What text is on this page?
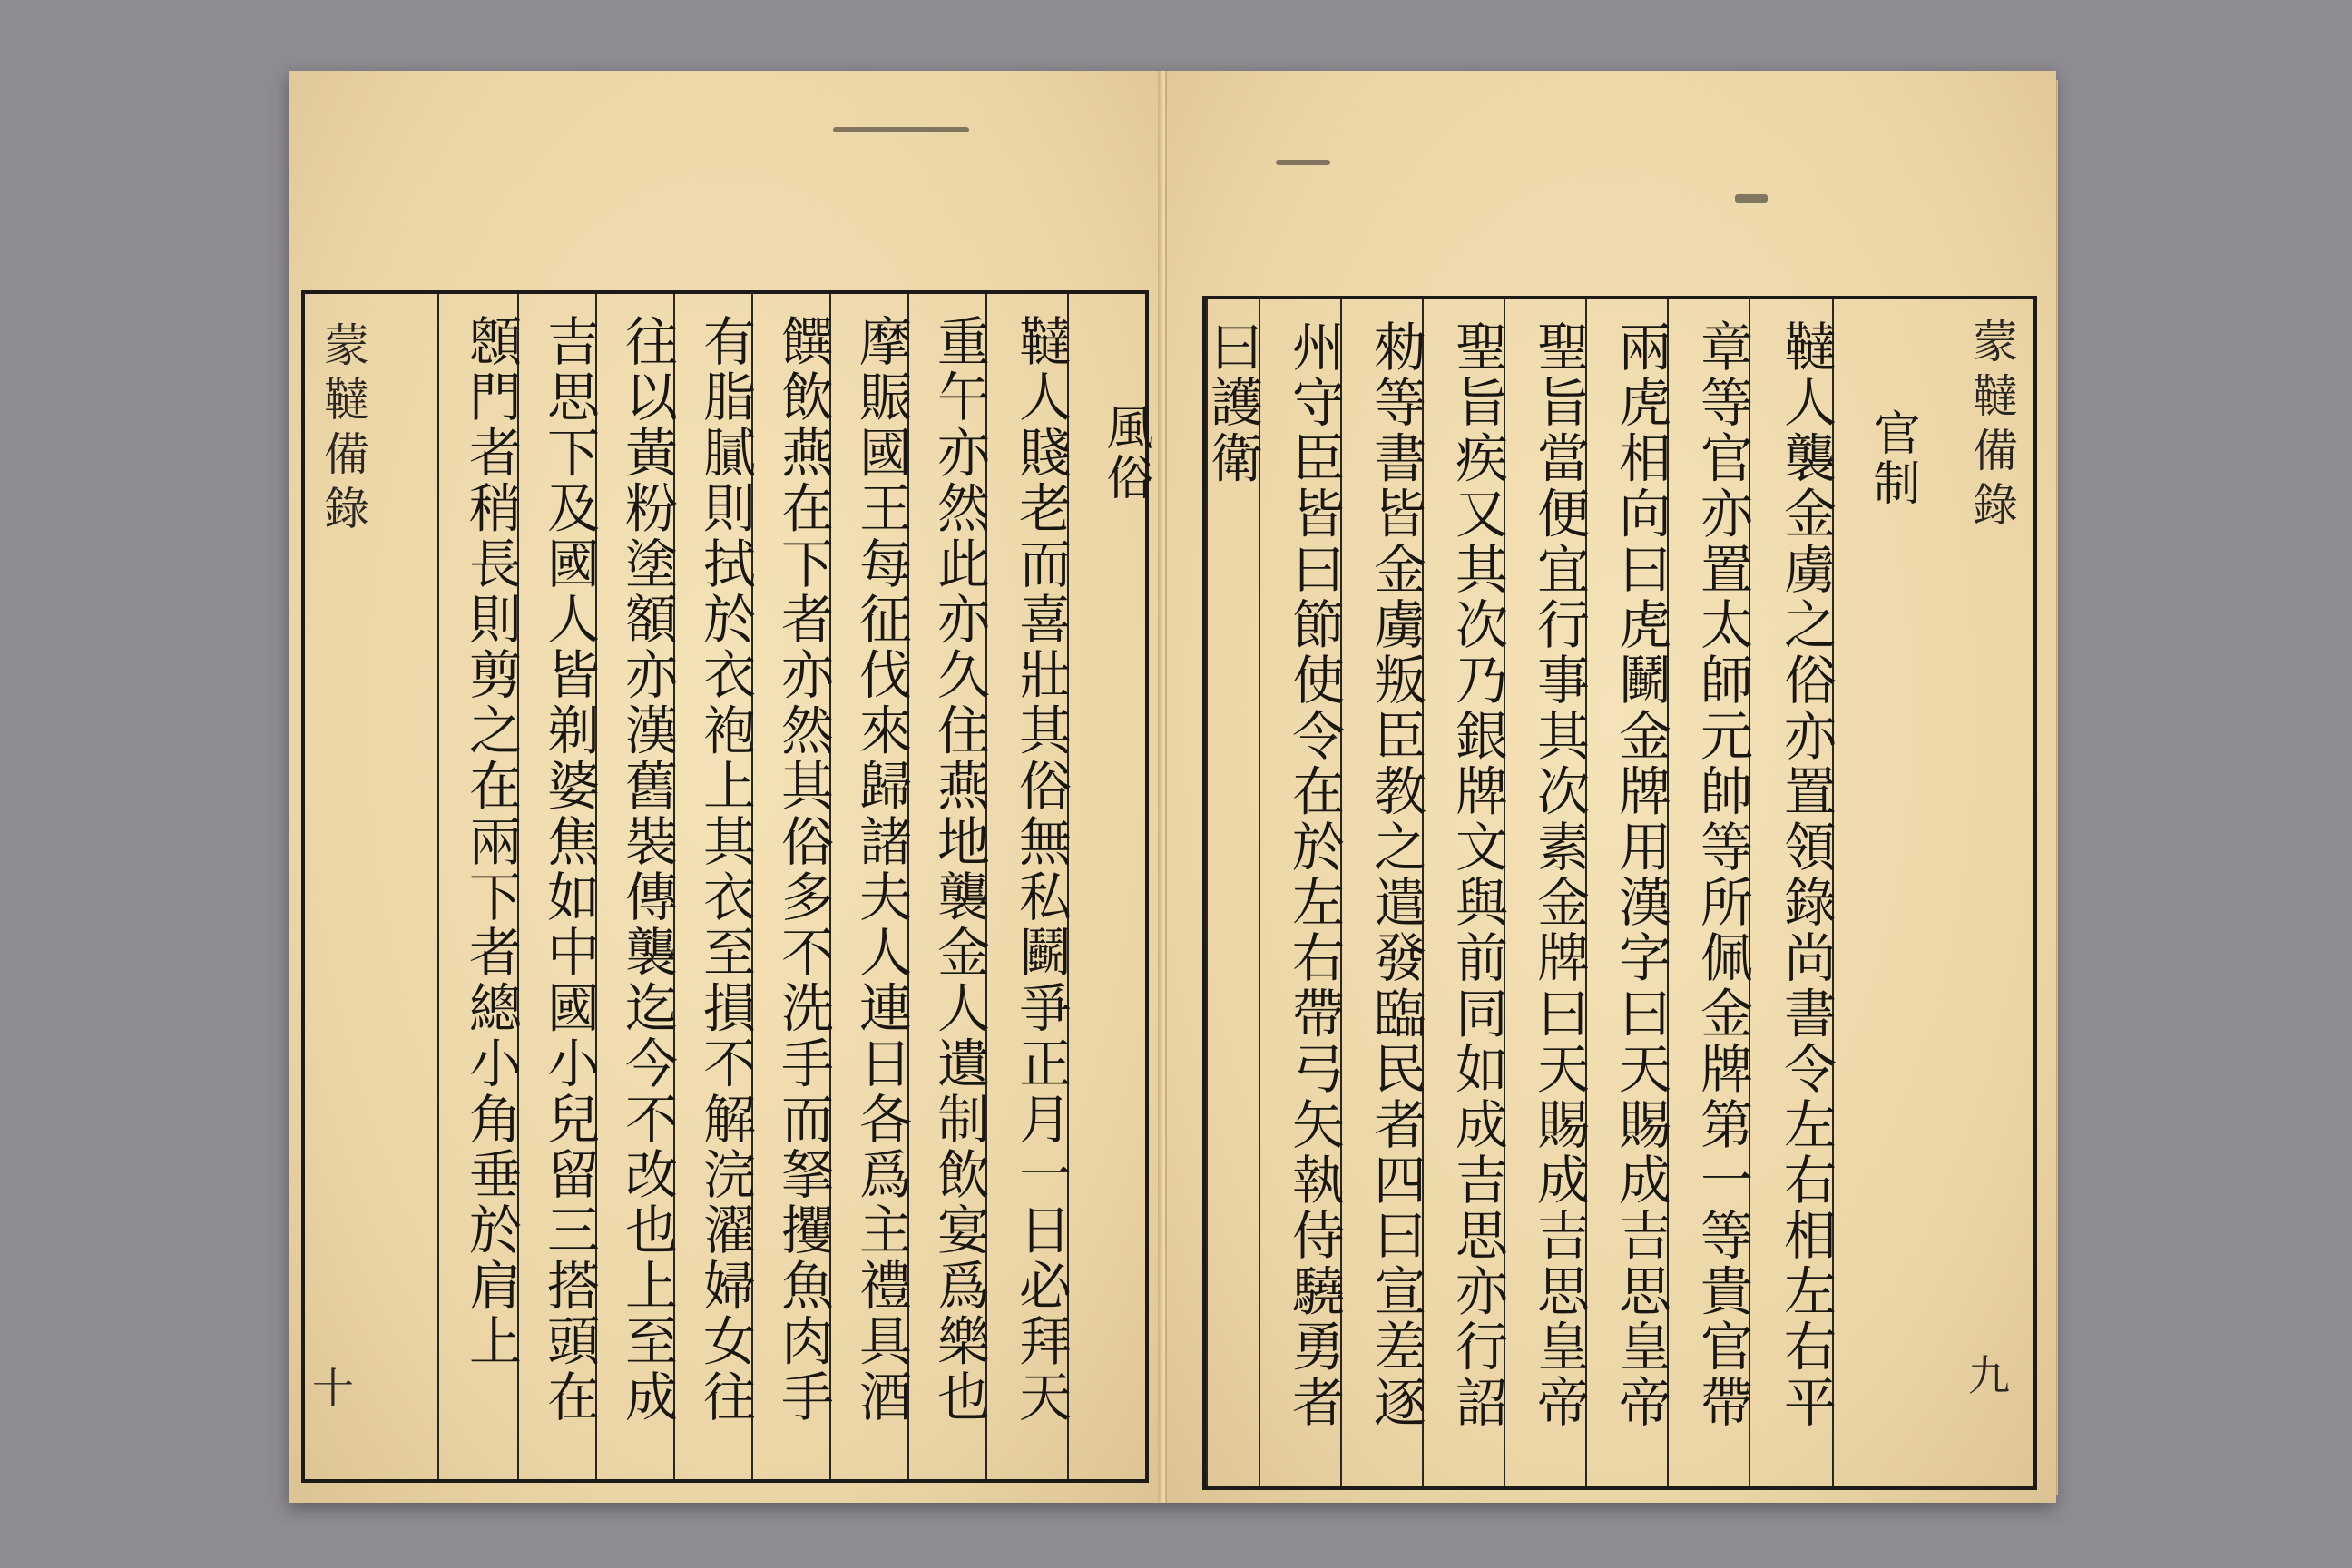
風俗
韃人賤老而喜壯其俗無私鬬爭正月一日必拜天
重午亦然此亦久住燕地襲金人遺制飲宴爲樂也
摩賑國王每征伐來歸諸夫人連日各爲主禮具酒
饌飲燕在下者亦然其俗多不洗手而拏攫魚肉手
有脂膩則拭於衣袍上其衣至損不解浣濯婦女往
往以黃粉塗額亦漢舊裝傳襲迄今不改也上至成
吉思下及國人皆剃婆焦如中國小兒留三搭頭在
顖門者稍長則剪之在兩下者總小角垂於肩上
蒙韃備錄
十
蒙韃備錄
九
官制
韃人襲金虜之俗亦置領錄尚書令左右相左右平
章等官亦置太師元帥等所佩金牌第一等貴官帶
兩虎相向曰虎鬭金牌用漢字曰天賜成吉思皇帝
聖旨當便宜行事其次素金牌曰天賜成吉思皇帝
聖旨疾又其次乃銀牌文與前同如成吉思亦行詔
勑等書皆金虜叛臣教之遣發臨民者四曰宣差逐
州守臣皆曰節使令在於左右帶弓矢執侍驍勇者
曰護衛
